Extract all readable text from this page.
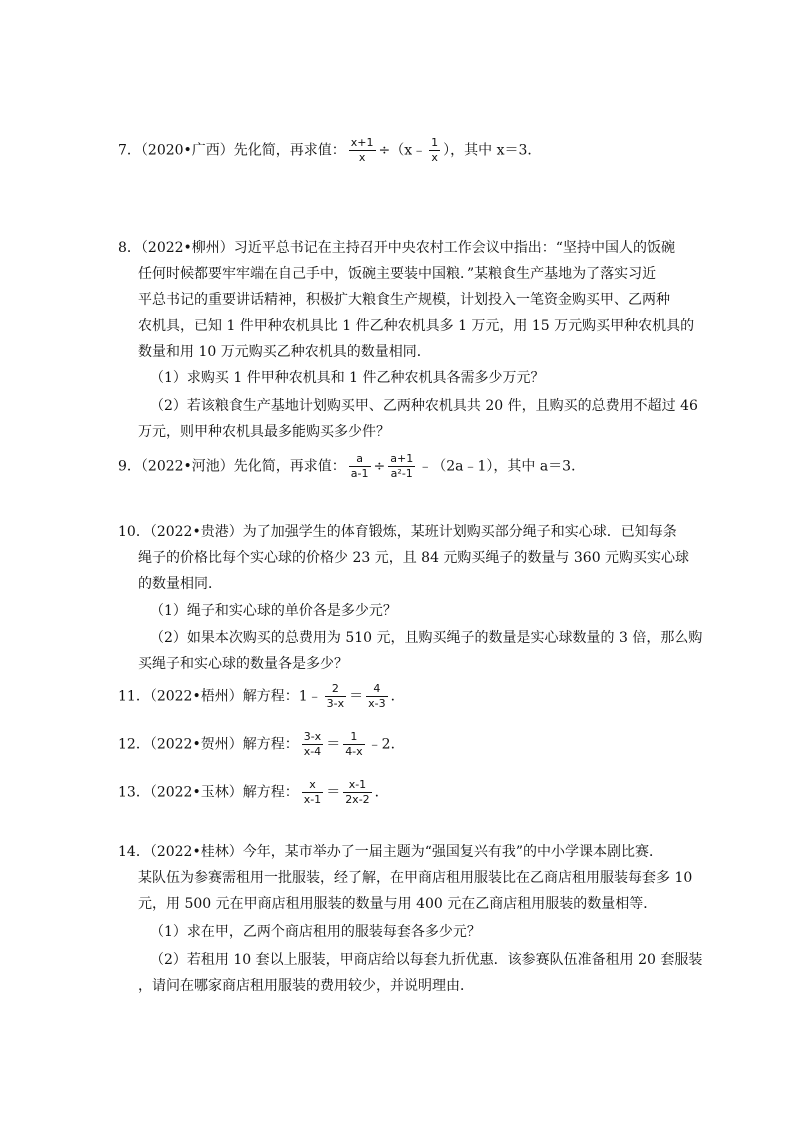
7．（2020•广西）先化简，再求值： $\frac{x+1}{x}$ ÷（x﹣ $\frac{1}{x}$ ），其中 x＝3．
8．（2022•柳州）习近平总书记在主持召开中央农村工作会议中指出：“坚持中国人的饭碗
任何时候都要牢牢端在自己手中，饭碗主要装中国粮．”某粮食生产基地为了落实习近
平总书记的重要讲话精神，积极扩大粮食生产规模，计划投入一笔资金购买甲、乙两种
农机具，已知 1 件甲种农机具比 1 件乙种农机具多 1 万元，用 15 万元购买甲种农机具的
数量和用 10 万元购买乙种农机具的数量相同．
（1）求购买 1 件甲种农机具和 1 件乙种农机具各需多少万元？
（2）若该粮食生产基地计划购买甲、乙两种农机具共 20 件，且购买的总费用不超过 46
万元，则甲种农机具最多能购买多少件？
9．（2022•河池）先化简，再求值： $\frac{a}{a-1} \div \frac{a+1}{\text{a²-1}}$ ﹣（2a﹣1），其中 a＝3．
10．（2022•贵港）为了加强学生的体育锻炼，某班计划购买部分绳子和实心球．已知每条
绳子的价格比每个实心球的价格少 23 元，且 84 元购买绳子的数量与 360 元购买实心球
的数量相同．
（1）绳子和实心球的单价各是多少元？
（2）如果本次购买的总费用为 510 元，且购买绳子的数量是实心球数量的 3 倍，那么购
买绳子和实心球的数量各是多少？
11．（2022•梧州）解方程：1﹣ $\frac{2}{3-x} = \frac{4}{x-3}$ ．
12．（2022•贺州）解方程： $\frac{3-x}{x-4} = \frac{1}{4-x}$ ﹣2．
13．（2022•玉林）解方程： $\frac{x}{x-1} = \frac{x-1}{2x-2}$ ．
14．（2022•桂林）今年，某市举办了一届主题为“强国复兴有我”的中小学课本剧比赛．
某队伍为参赛需租用一批服装，经了解，在甲商店租用服装比在乙商店租用服装每套多 10
元，用 500 元在甲商店租用服装的数量与用 400 元在乙商店租用服装的数量相等．
（1）求在甲，乙两个商店租用的服装每套各多少元？
（2）若租用 10 套以上服装，甲商店给以每套九折优惠．该参赛队伍准备租用 20 套服装
，请问在哪家商店租用服装的费用较少，并说明理由．
